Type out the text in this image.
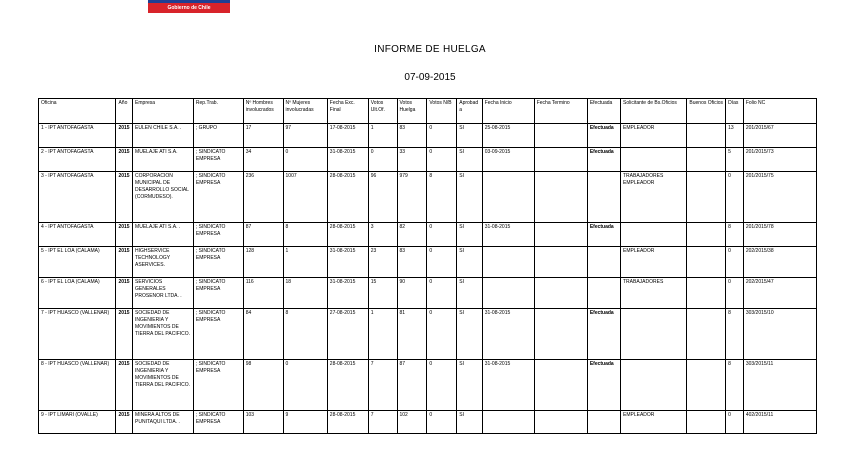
Gobierno de Chile
INFORME DE HUELGA
07-09-2015
Oficina	Año	Empresa	Rep.Trab.	Nº Hombres involucrados	Nº Mujeres involucradas	Fecha Exc. Final	Votos Ult.Of.	Votos Huelga	Votos N/B	Aprobada	Fecha Inicio	Fecha Termino	Efectuada	Solicitante de Bs.Oficios	Buenos Oficios	Días	Folio NC
1 - IPT ANTOFAGASTA	2015	EULEN CHILE S.A. .	; GRUPO	17	97	17-08-2015	1	83	0	SI	25-08-2015		Efectuada	EMPLEADOR		13	201/2015/67
2 - IPT ANTOFAGASTA	2015	MUELAJE ATI S.A.	; SINDICATO EMPRESA	34	0	31-08-2015	0	33	0	SI	03-09-2015		Efectuada			5	201/2015/73
3 - IPT ANTOFAGASTA	2015	CORPORACION MUNICIPAL DE DESARROLLO SOCIAL (CORMUDESO).	; SINDICATO EMPRESA	236	1007	28-08-2015	96	979	8	SI				TRABAJADORES EMPLEADOR		0	201/2015/75
4 - IPT ANTOFAGASTA	2015	MUELAJE ATI S.A. .	; SINDICATO EMPRESA	87	8	28-08-2015	3	82	0	SI	31-08-2015		Efectuada			8	201/2015/78
5 - IPT EL LOA (CALAMA)	2015	HIGHSERVICE TECHNOLOGY ASERVICES.	; SINDICATO EMPRESA	128	1	31-08-2015	23	83	0	SI				EMPLEADOR		0	202/2015/38
6 - IPT EL LOA (CALAMA)	2015	SERVICIOS GENERALES PROSENOR LTDA. .	; SINDICATO EMPRESA	116	18	31-08-2015	15	90	0	SI				TRABAJADORES		0	202/2015/47
7 - IPT HUASCO (VALLENAR)	2015	SOCIEDAD DE INGENIERIA Y MOVIMIENTOS DE TIERRA DEL PACIFICO.	; SINDICATO EMPRESA	84	8	27-08-2015	1	81	0	SI	31-08-2015		Efectuada			8	303/2015/10
8 - IPT HUASCO (VALLENAR)	2015	SOCIEDAD DE INGENIERIA Y MOVIMIENTOS DE TIERRA DEL PACIFICO.	; SINDICATO EMPRESA	98	0	28-08-2015	7	87	0	SI	31-08-2015		Efectuada			8	303/2015/11
9 - IPT LIMARI (OVALLE)	2015	MINERA ALTOS DE PUNITAQUI LTDA. .	; SINDICATO EMPRESA	103	9	28-08-2015	7	102	0	SI				EMPLEADOR		0	402/2015/11
